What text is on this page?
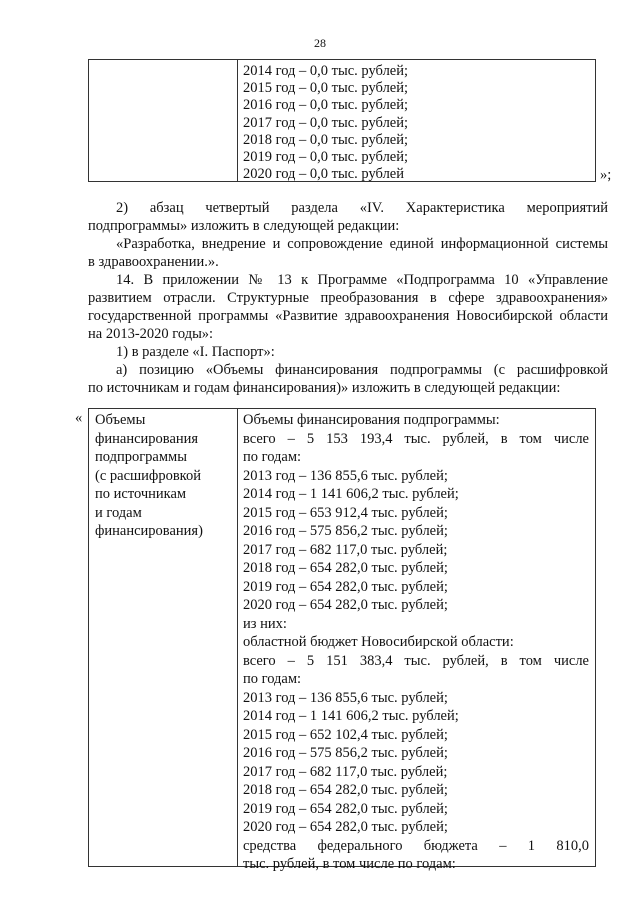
28
2014 год – 0,0 тыс. рублей;
2015 год – 0,0 тыс. рублей;
2016 год – 0,0 тыс. рублей;
2017 год – 0,0 тыс. рублей;
2018 год – 0,0 тыс. рублей;
2019 год – 0,0 тыс. рублей;
2020 год – 0,0 тыс. рублей	»;
2) абзац четвертый раздела «IV. Характеристика мероприятий
подпрограммы» изложить в следующей редакции:
«Разработка, внедрение и сопровождение единой информационной системы
в здравоохранении.».
14. В приложении № 13 к Программе «Подпрограмма 10 «Управление
развитием отрасли. Структурные преобразования в сфере здравоохранения»
государственной программы «Развитие здравоохранения Новосибирской области
на 2013-2020 годы»:
1) в разделе «I. Паспорт»:
а) позицию «Объемы финансирования подпрограммы (с расшифровкой
по источникам и годам финансирования)» изложить в следующей редакции:
« Объемы
финансирования
подпрограммы
(с расшифровкой
по источникам
и годам
финансирования)
Объемы финансирования подпрограммы:
всего – 5 153 193,4 тыс. рублей, в том числе
по годам:
2013 год – 136 855,6 тыс. рублей;
2014 год – 1 141 606,2 тыс. рублей;
2015 год – 653 912,4 тыс. рублей;
2016 год – 575 856,2 тыс. рублей;
2017 год – 682 117,0 тыс. рублей;
2018 год – 654 282,0 тыс. рублей;
2019 год – 654 282,0 тыс. рублей;
2020 год – 654 282,0 тыс. рублей;
из них:
областной бюджет Новосибирской области:
всего – 5 151 383,4 тыс. рублей, в том числе
по годам:
2013 год – 136 855,6 тыс. рублей;
2014 год – 1 141 606,2 тыс. рублей;
2015 год – 652 102,4 тыс. рублей;
2016 год – 575 856,2 тыс. рублей;
2017 год – 682 117,0 тыс. рублей;
2018 год – 654 282,0 тыс. рублей;
2019 год – 654 282,0 тыс. рублей;
2020 год – 654 282,0 тыс. рублей;
средства федерального бюджета – 1 810,0
тыс. рублей, в том числе по годам:
